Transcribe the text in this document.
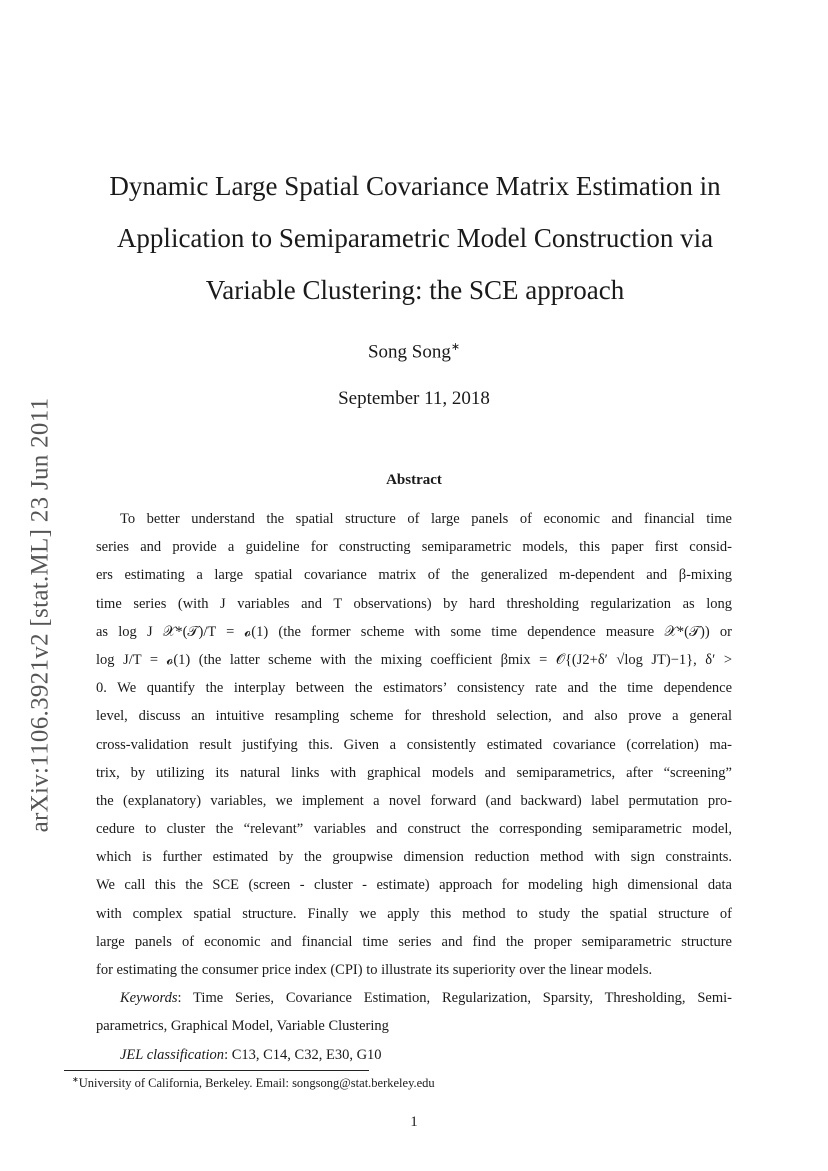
arXiv:1106.3921v2 [stat.ML] 23 Jun 2011
Dynamic Large Spatial Covariance Matrix Estimation in
Application to Semiparametric Model Construction via
Variable Clustering: the SCE approach
Song Song∗
September 11, 2018
Abstract
To better understand the spatial structure of large panels of economic and financial time
series and provide a guideline for constructing semiparametric models, this paper first consid-
ers estimating a large spatial covariance matrix of the generalized m-dependent and β-mixing
time series (with J variables and T observations) by hard thresholding regularization as long
as log J 𝒳*(𝒯)/T = 𝓸(1) (the former scheme with some time dependence measure 𝒳*(𝒯)) or
log J/T = 𝓸(1) (the latter scheme with the mixing coefficient βmix = 𝒪{(J2+δ′ √log JT)−1}, δ′ >
0. We quantify the interplay between the estimators’ consistency rate and the time dependence
level, discuss an intuitive resampling scheme for threshold selection, and also prove a general
cross-validation result justifying this. Given a consistently estimated covariance (correlation) ma-
trix, by utilizing its natural links with graphical models and semiparametrics, after “screening”
the (explanatory) variables, we implement a novel forward (and backward) label permutation pro-
cedure to cluster the “relevant” variables and construct the corresponding semiparametric model,
which is further estimated by the groupwise dimension reduction method with sign constraints.
We call this the SCE (screen - cluster - estimate) approach for modeling high dimensional data
with complex spatial structure. Finally we apply this method to study the spatial structure of
large panels of economic and financial time series and find the proper semiparametric structure
for estimating the consumer price index (CPI) to illustrate its superiority over the linear models.
Keywords: Time Series, Covariance Estimation, Regularization, Sparsity, Thresholding, Semi-
parametrics, Graphical Model, Variable Clustering
JEL classification: C13, C14, C32, E30, G10
∗University of California, Berkeley. Email: songsong@stat.berkeley.edu
1
